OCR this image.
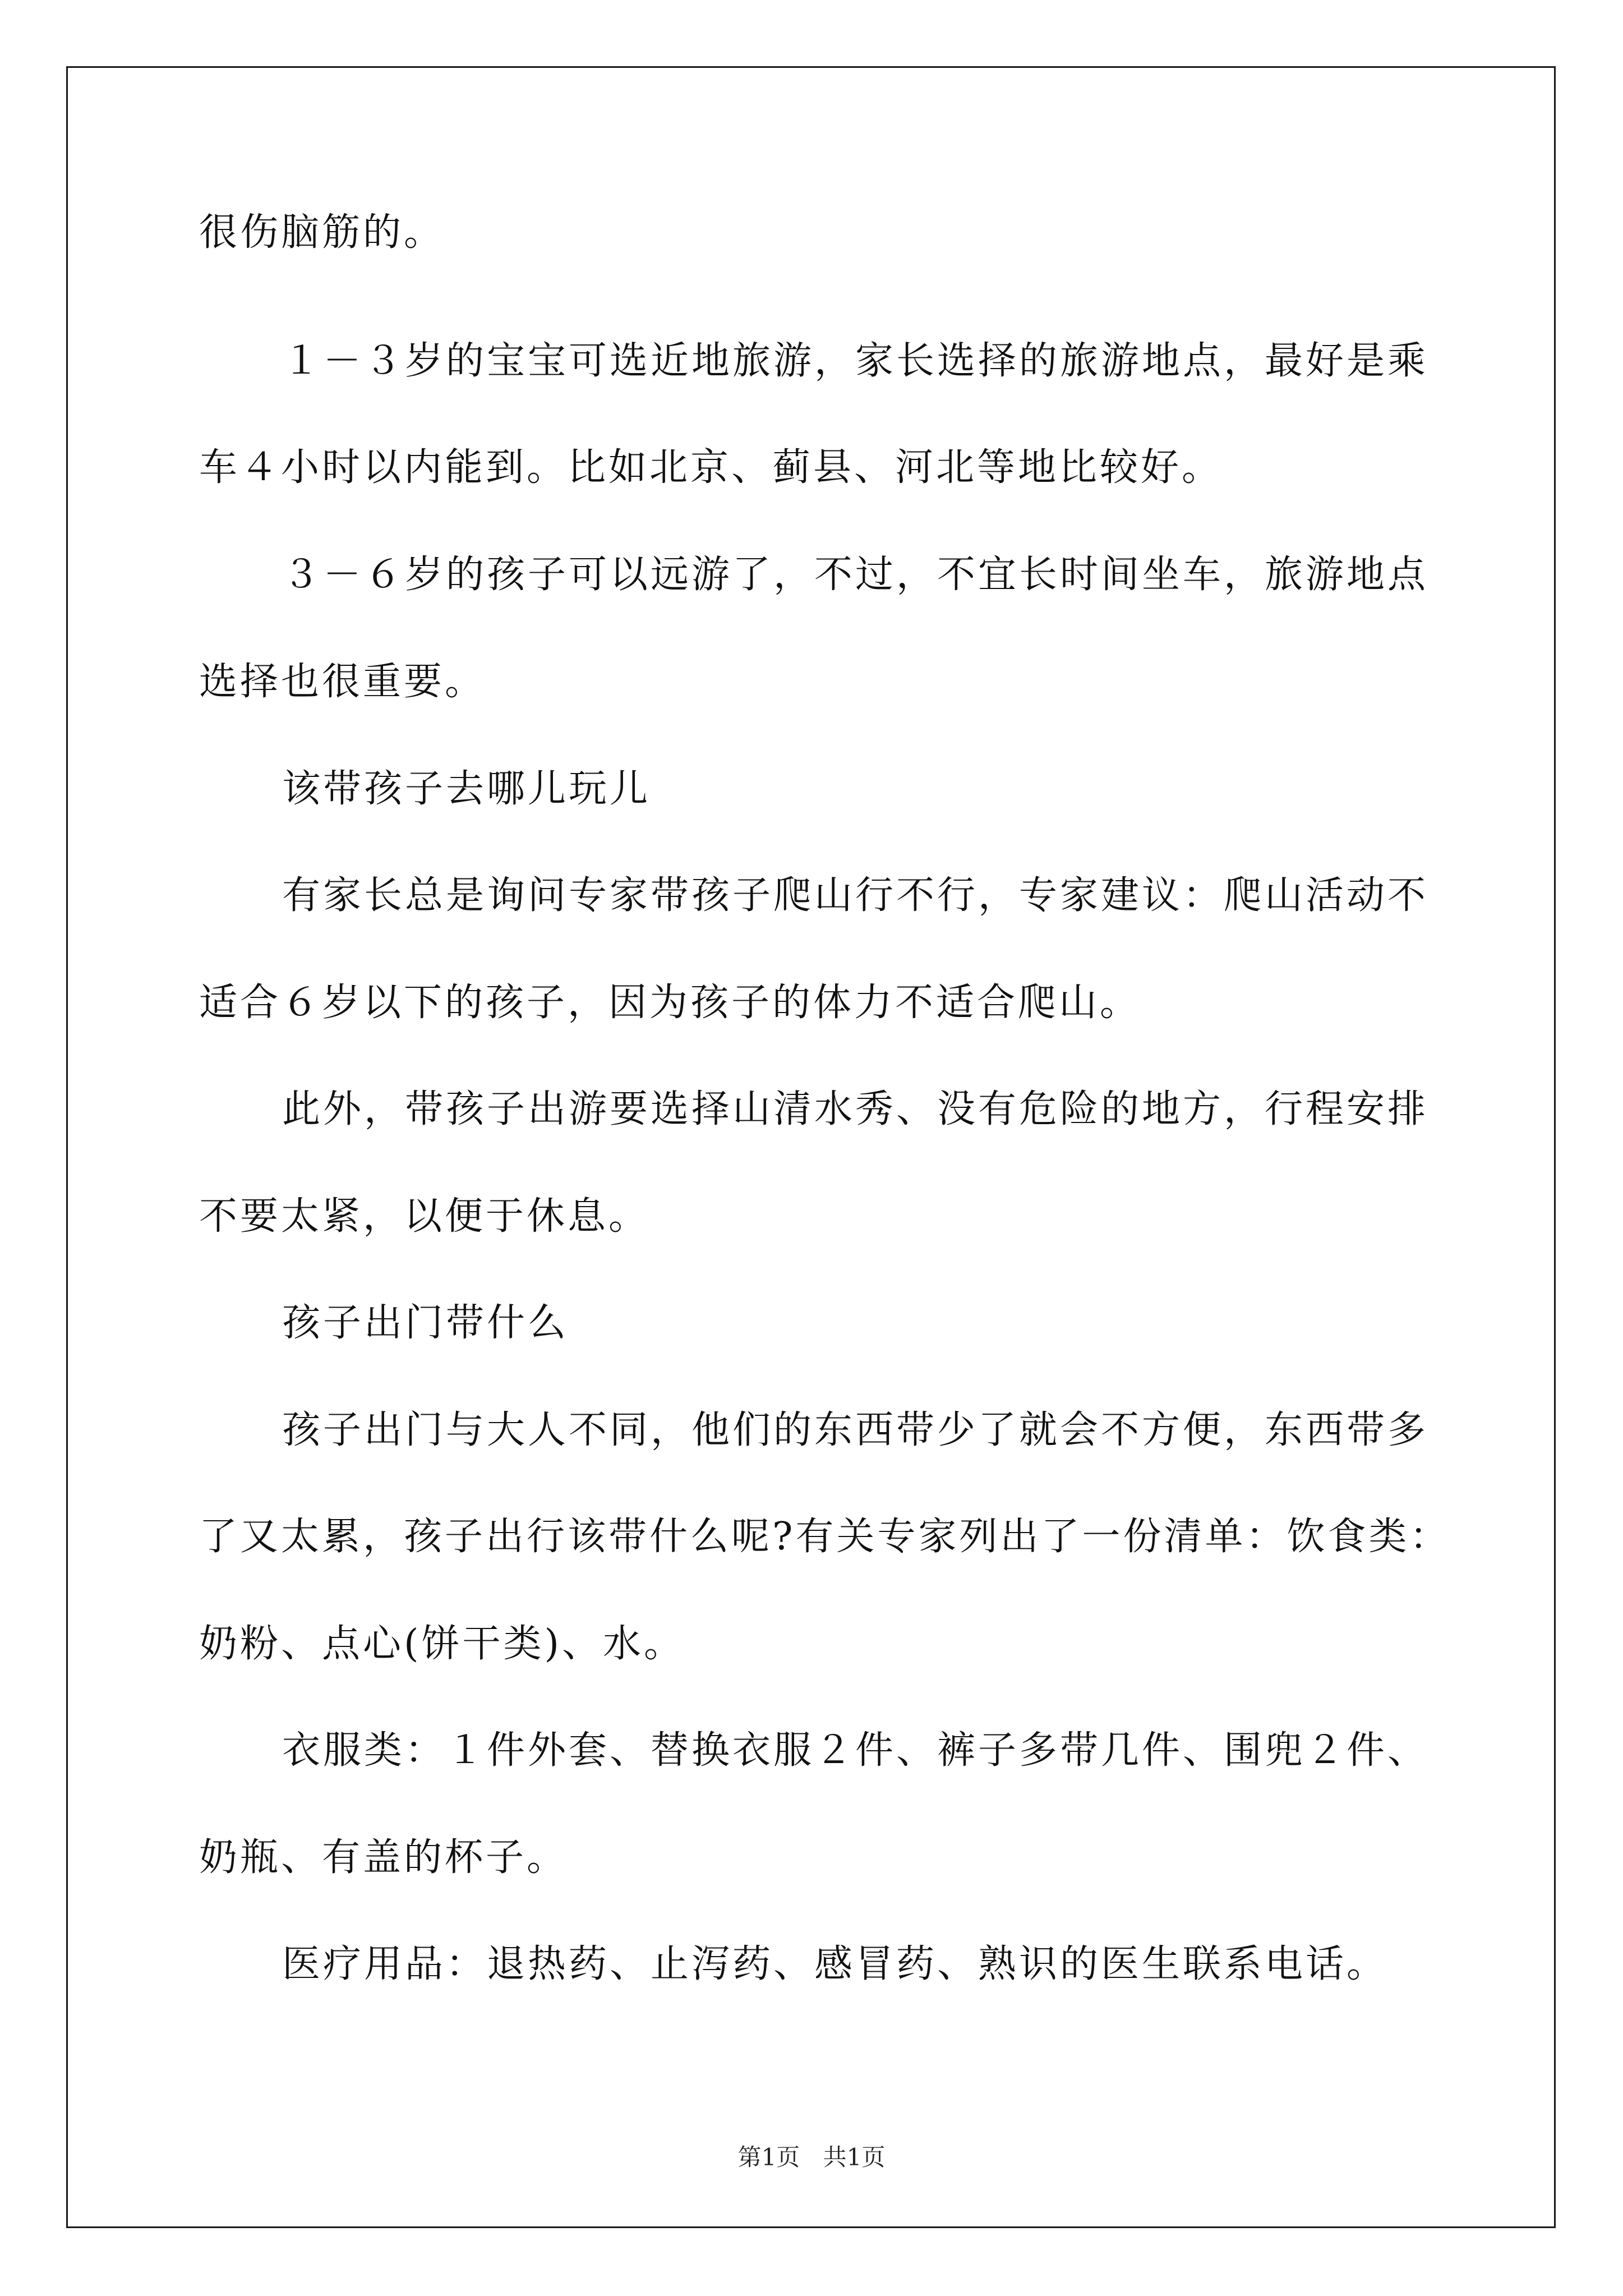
很伤脑筋的。
１－３岁的宝宝可选近地旅游，家长选择的旅游地点，最好是乘
车４小时以内能到。比如北京、蓟县、河北等地比较好。
３－６岁的孩子可以远游了，不过，不宜长时间坐车，旅游地点
选择也很重要。
该带孩子去哪儿玩儿
有家长总是询问专家带孩子爬山行不行，专家建议：爬山活动不
适合６岁以下的孩子，因为孩子的体力不适合爬山。
此外，带孩子出游要选择山清水秀、没有危险的地方，行程安排
不要太紧，以便于休息。
孩子出门带什么
孩子出门与大人不同，他们的东西带少了就会不方便，东西带多
了又太累，孩子出行该带什么呢?有关专家列出了一份清单：饮食类：
奶粉、点心(饼干类)、水。
衣服类：１件外套、替换衣服２件、裤子多带几件、围兜２件、
奶瓶、有盖的杯子。
医疗用品：退热药、止泻药、感冒药、熟识的医生联系电话。
第1页 共1页
